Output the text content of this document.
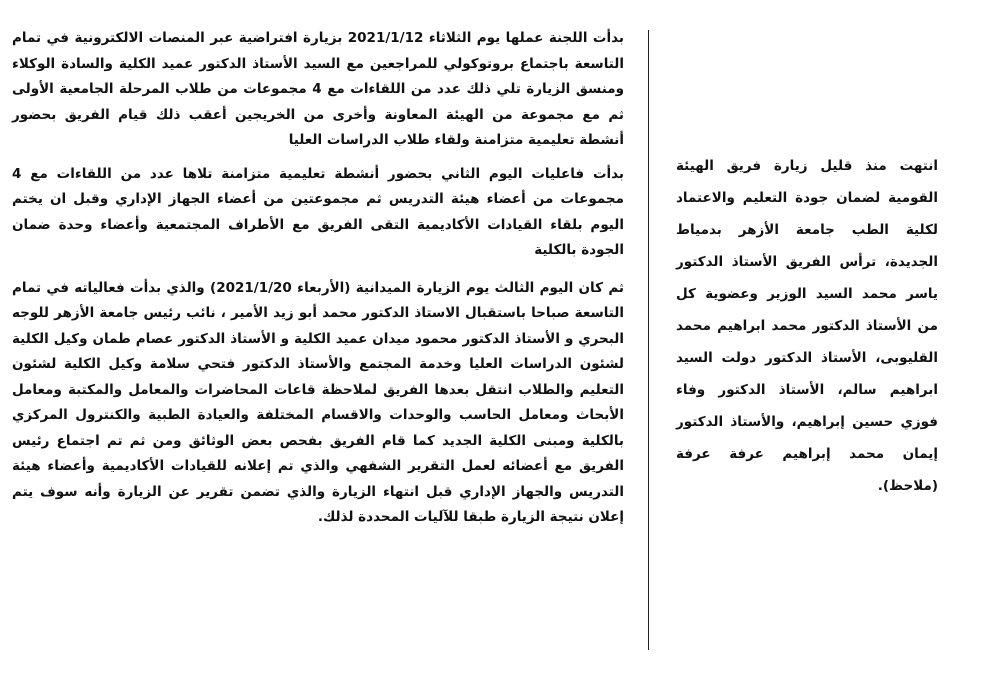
بدأت اللجنة عملها يوم الثلاثاء 2021/1/12 بزيارة افتراضية عبر المنصات الالكترونية في تمام التاسعة باجتماع بروتوكولي للمراجعين مع السيد الأستاذ الدكتور عميد الكلية والسادة الوكلاء ومنسق الزيارة تلي ذلك عدد من اللقاءات مع 4 مجموعات من طلاب المرحلة الجامعية الأولى ثم مع مجموعة من الهيئة المعاونة وأخرى من الخريجين أعقب ذلك قيام الفريق بحضور أنشطة تعليمية متزامنة ولقاء طلاب الدراسات العليا

بدأت فاعليات اليوم الثاني بحضور أنشطة تعليمية متزامنة تلاها عدد من اللقاءات مع 4 مجموعات من أعضاء هيئة التدريس ثم مجموعتين من أعضاء الجهاز الإداري وقبل ان يختم اليوم بلقاء القيادات الأكاديمية التقى الفريق مع الأطراف المجتمعية وأعضاء وحدة ضمان الجودة بالكلية

ثم كان اليوم الثالث يوم الزيارة الميدانية (الأربعاء 2021/1/20) والذي بدأت فعالياته في تمام التاسعة صباحا باستقبال الاستاذ الدكتور محمد أبو زيد الأمير ، نائب رئيس جامعة الأزهر للوجه البحري و الأستاذ الدكتور محمود ميدان عميد الكلية و الأستاذ الدكتور عصام طمان وكيل الكلية لشئون الدراسات العليا وخدمة المجتمع والأستاذ الدكتور فتحي سلامة وكيل الكلية لشئون التعليم والطلاب انتقل بعدها الفريق لملاحظة قاعات المحاضرات والمعامل والمكتبة ومعامل الأبحاث ومعامل الحاسب والوحدات والاقسام المختلفة والعيادة الطبية والكنترول المركزي بالكلية ومبنى الكلية الجديد كما قام الفريق بفحص بعض الوثائق ومن ثم تم اجتماع رئيس الفريق مع أعضائه لعمل التقرير الشفهي والذي تم إعلانه للقيادات الأكاديمية وأعضاء هيئة التدريس والجهاز الإداري قبل انتهاء الزيارة والذي تضمن تقرير عن الزيارة وأنه سوف يتم إعلان نتيجة الزيارة طبقا للآليات المحددة لذلك.

انتهت منذ قليل زيارة فريق الهيئة القومية لضمان جودة التعليم والاعتماد لكلية الطب جامعة الأزهر بدمياط الجديدة، ترأس الفريق الأستاذ الدكتور ياسر محمد السيد الوزير وعضوية كل من الأستاذ الدكتور محمد ابراهيم محمد القليوبى، الأستاذ الدكتور دولت السيد ابراهيم سالم، الأستاذ الدكتور وفاء فوزي حسين إبراهيم، والأستاذ الدكتور إيمان محمد إبراهيم عرفة عرفة (ملاحظ).
